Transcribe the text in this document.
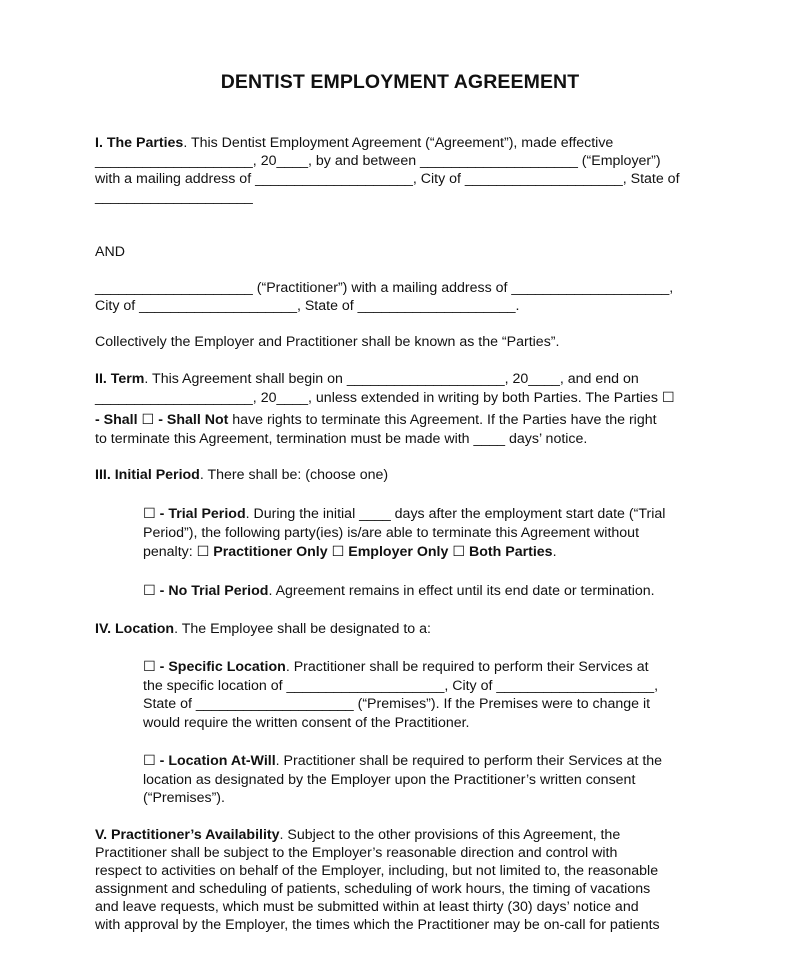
DENTIST EMPLOYMENT AGREEMENT
I. The Parties. This Dentist Employment Agreement (“Agreement”), made effective
____________________, 20____, by and between ____________________ (“Employer”)
with a mailing address of ____________________, City of ____________________, State of
____________________
AND
____________________ (“Practitioner”) with a mailing address of ____________________,
City of ____________________, State of ____________________.
Collectively the Employer and Practitioner shall be known as the “Parties”.
II. Term. This Agreement shall begin on ____________________, 20____, and end on
____________________, 20____, unless extended in writing by both Parties. The Parties ☐
- Shall ☐ - Shall Not have rights to terminate this Agreement. If the Parties have the right
to terminate this Agreement, termination must be made with ____ days’ notice.
III. Initial Period. There shall be: (choose one)
☐ - Trial Period. During the initial ____ days after the employment start date (“Trial
Period”), the following party(ies) is/are able to terminate this Agreement without
penalty: ☐ Practitioner Only ☐ Employer Only ☐ Both Parties.
☐ - No Trial Period. Agreement remains in effect until its end date or termination.
IV. Location. The Employee shall be designated to a:
☐ - Specific Location. Practitioner shall be required to perform their Services at
the specific location of ____________________, City of ____________________,
State of ____________________ (“Premises”). If the Premises were to change it
would require the written consent of the Practitioner.
☐ - Location At-Will. Practitioner shall be required to perform their Services at the
location as designated by the Employer upon the Practitioner’s written consent
(“Premises”).
V. Practitioner’s Availability. Subject to the other provisions of this Agreement, the
Practitioner shall be subject to the Employer’s reasonable direction and control with
respect to activities on behalf of the Employer, including, but not limited to, the reasonable
assignment and scheduling of patients, scheduling of work hours, the timing of vacations
and leave requests, which must be submitted within at least thirty (30) days’ notice and
with approval by the Employer, the times which the Practitioner may be on-call for patients
